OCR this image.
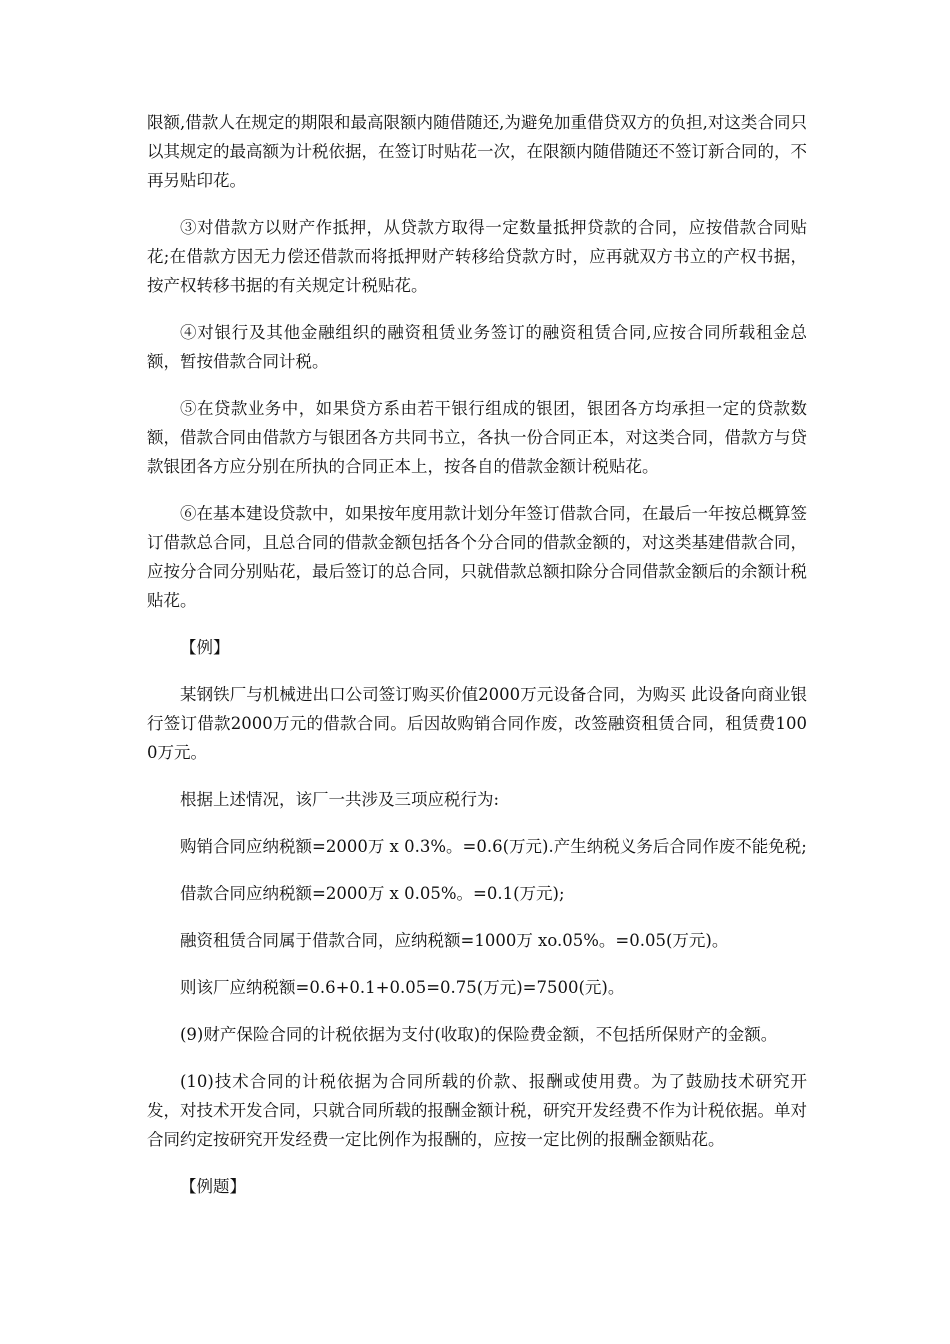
限额,借款人在规定的期限和最高限额内随借随还,为避免加重借贷双方的负担,对这类合同只以其规定的最高额为计税依据，在签订时贴花一次，在限额内随借随还不签订新合同的，不再另贴印花。

③对借款方以财产作抵押，从贷款方取得一定数量抵押贷款的合同，应按借款合同贴花;在借款方因无力偿还借款而将抵押财产转移给贷款方时，应再就双方书立的产权书据，按产权转移书据的有关规定计税贴花。

④对银行及其他金融组织的融资租赁业务签订的融资租赁合同,应按合同所载租金总额，暂按借款合同计税。

⑤在贷款业务中，如果贷方系由若干银行组成的银团，银团各方均承担一定的贷款数额，借款合同由借款方与银团各方共同书立，各执一份合同正本，对这类合同，借款方与贷款银团各方应分别在所执的合同正本上，按各自的借款金额计税贴花。

⑥在基本建设贷款中，如果按年度用款计划分年签订借款合同，在最后一年按总概算签订借款总合同，且总合同的借款金额包括各个分合同的借款金额的，对这类基建借款合同，应按分合同分别贴花，最后签订的总合同，只就借款总额扣除分合同借款金额后的余额计税贴花。

【例】

某钢铁厂与机械进出口公司签订购买价值2000万元设备合同，为购买 此设备向商业银行签订借款2000万元的借款合同。后因故购销合同作废，改签融资租赁合同，租赁费1000万元。

根据上述情况，该厂一共涉及三项应税行为:

购销合同应纳税额=2000万 x 0.3%。=0.6(万元).产生纳税义务后合同作废不能免税;

借款合同应纳税额=2000万 x 0.05%。=0.1(万元);

融资租赁合同属于借款合同，应纳税额=1000万 xo.05%。=0.05(万元)。

则该厂应纳税额=0.6+0.1+0.05=0.75(万元)=7500(元)。

(9)财产保险合同的计税依据为支付(收取)的保险费金额，不包括所保财产的金额。

(10)技术合同的计税依据为合同所载的价款、报酬或使用费。为了鼓励技术研究开发，对技术开发合同，只就合同所载的报酬金额计税，研究开发经费不作为计税依据。单对合同约定按研究开发经费一定比例作为报酬的，应按一定比例的报酬金额贴花。

【例题】
